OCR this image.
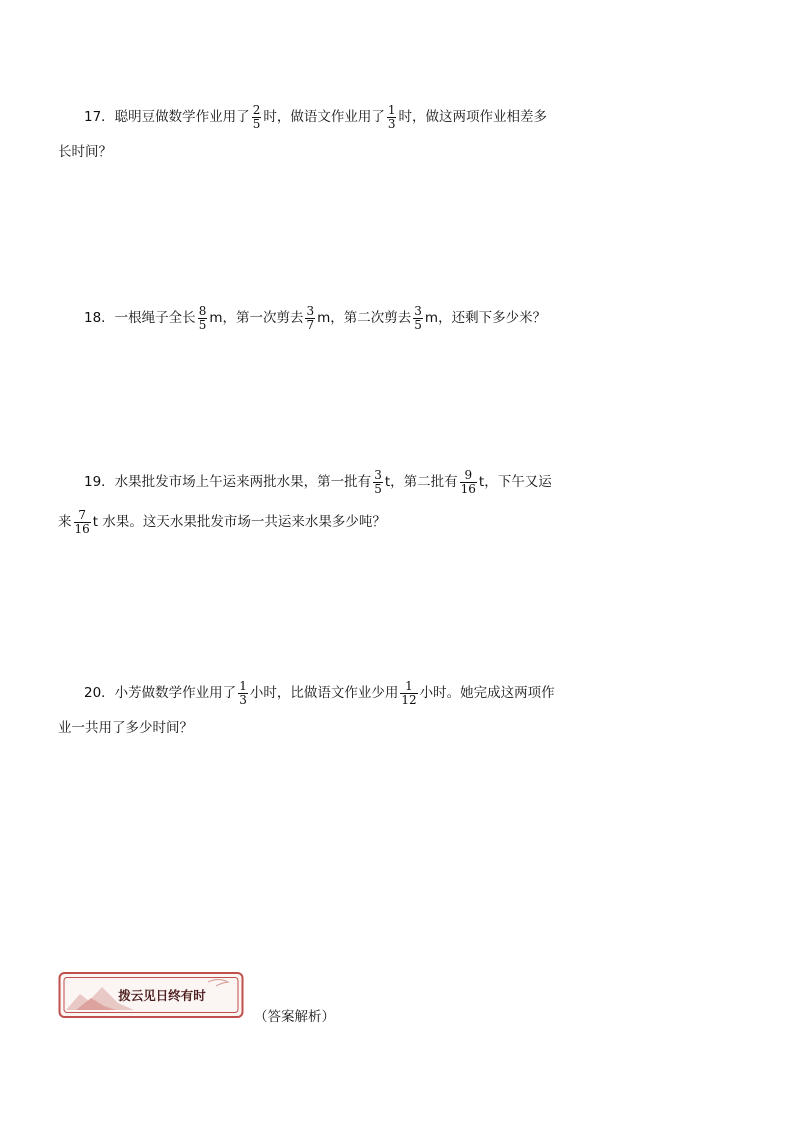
17．聪明豆做数学作业用了 $\frac{2}{5}$ 时，做语文作业用了 $\frac{1}{3}$ 时，做这两项作业相差多
长时间？
18．一根绳子全长 $\frac{8}{5}$ m，第一次剪去 $\frac{3}{7}$ m，第二次剪去 $\frac{3}{5}$ m，还剩下多少米？
19．水果批发市场上午运来两批水果，第一批有 $\frac{3}{5}$ t，第二批有 $\frac{9}{16}$ t，下午又运
来 $\frac{7}{16}$ t 水果。这天水果批发市场一共运来水果多少吨？
20．小芳做数学作业用了 $\frac{1}{3}$ 小时，比做语文作业少用 $\frac{1}{12}$ 小时。她完成这两项作
业一共用了多少时间？
拨云见日终有时
（答案解析）
